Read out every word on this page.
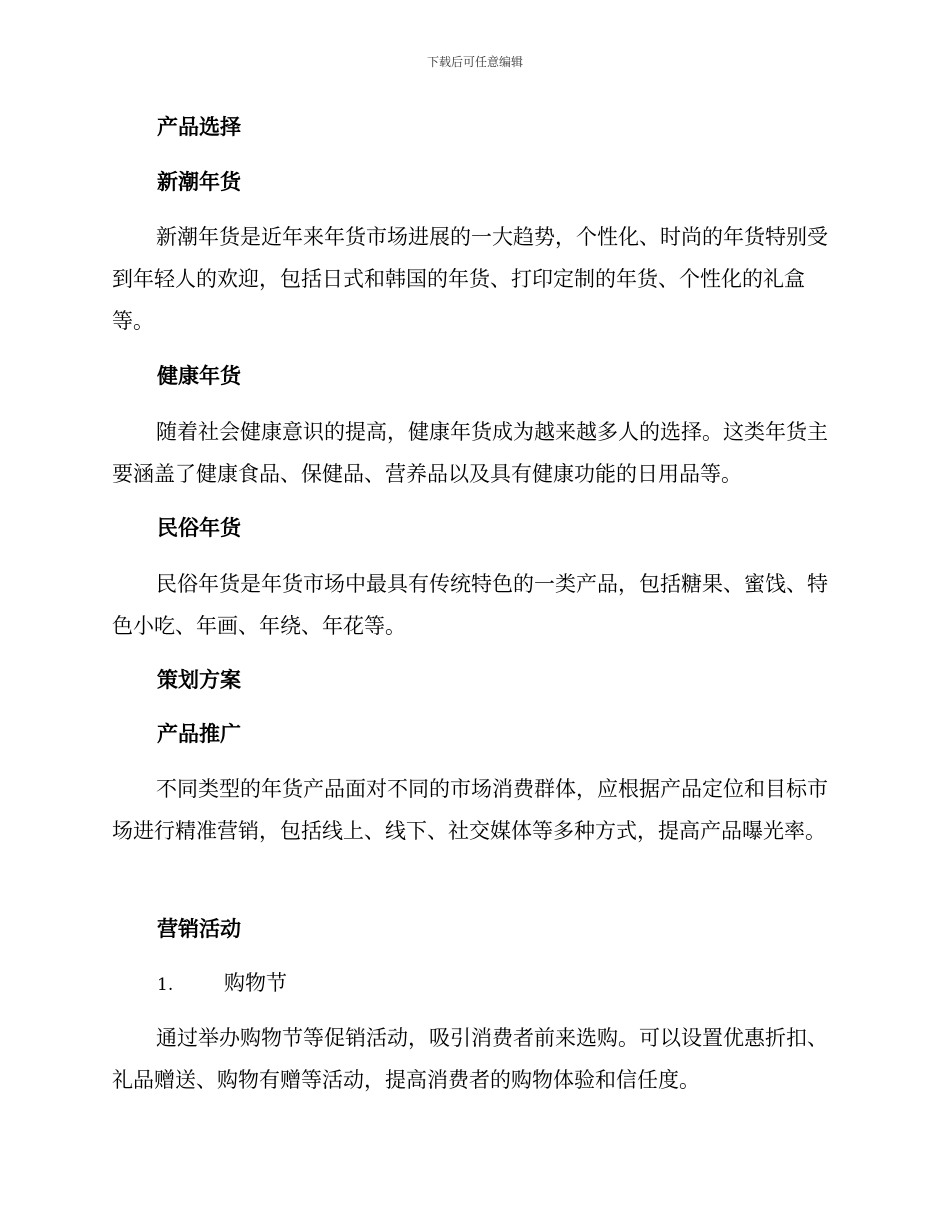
下载后可任意编辑
产品选择
新潮年货
新潮年货是近年来年货市场进展的一大趋势，个性化、时尚的年货特别受到年轻人的欢迎，包括日式和韩国的年货、打印定制的年货、个性化的礼盒等。
健康年货
随着社会健康意识的提高，健康年货成为越来越多人的选择。这类年货主要涵盖了健康食品、保健品、营养品以及具有健康功能的日用品等。
民俗年货
民俗年货是年货市场中最具有传统特色的一类产品，包括糖果、蜜饯、特色小吃、年画、年绕、年花等。
策划方案
产品推广
不同类型的年货产品面对不同的市场消费群体，应根据产品定位和目标市场进行精准营销，包括线上、线下、社交媒体等多种方式，提高产品曝光率。
营销活动
1. 购物节
通过举办购物节等促销活动，吸引消费者前来选购。可以设置优惠折扣、礼品赠送、购物有赠等活动，提高消费者的购物体验和信任度。
